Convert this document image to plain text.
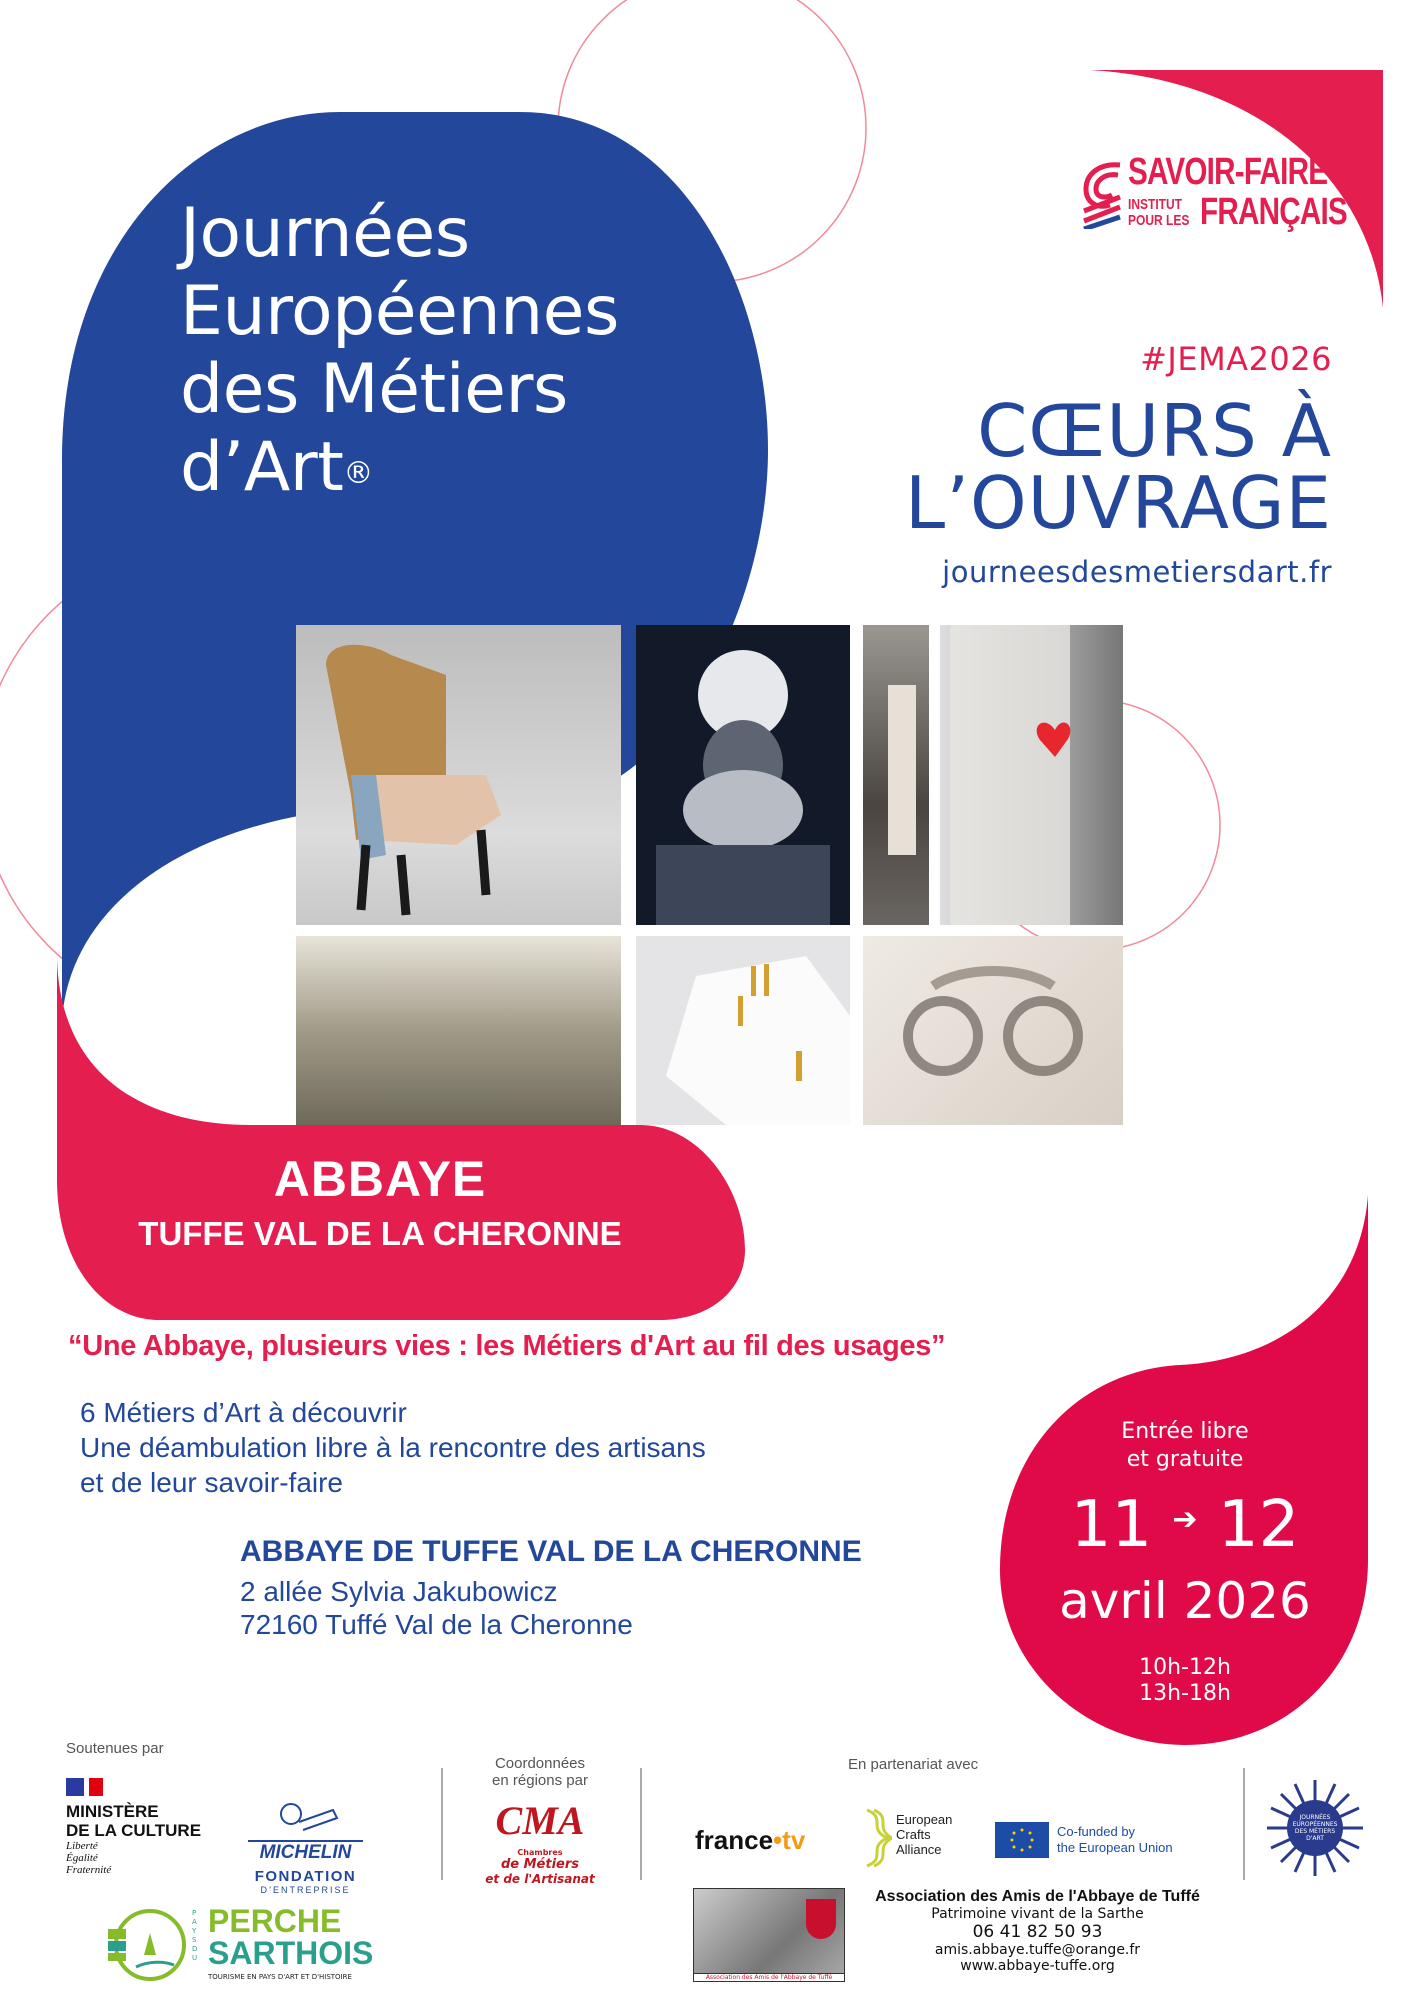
Journées
Européennes
des Métiers
d’Art®
SAVOIR-FAIRE
INSTITUT
POUR LES FRANÇAIS
#JEMA2026
CŒURS À
L’OUVRAGE
journeesdesmetiersdart.fr
ABBAYE
TUFFE VAL DE LA CHERONNE
“Une Abbaye, plusieurs vies : les Métiers d'Art au fil des usages”
6 Métiers d’Art à découvrir
Une déambulation libre à la rencontre des artisans
et de leur savoir-faire
ABBAYE DE TUFFE VAL DE LA CHERONNE
2 allée Sylvia Jakubowicz
72160 Tuffé Val de la Cheronne
Entrée libre
et gratuite
11 ➔ 12
avril 2026
10h-12h
13h-18h
Soutenues par
MINISTÈRE
DE LA CULTURE
Liberté
Égalité
Fraternité
MICHELIN
FONDATION
D’ENTREPRISE
PAYS DU
PERCHE
SARTHOIS
TOURISME EN PAYS D'ART ET D'HISTOIRE
Coordonnées
en régions par
CMA
Chambres
de Métiers
et de l'Artisanat
En partenariat avec
france•tv
European
Crafts
Alliance
Co-funded by
the European Union
JOURNÉES
EUROPÉENNES
DES MÉTIERS
D'ART
Association des Amis de l'Abbaye de Tuffé
Association des Amis de l'Abbaye de Tuffé
Patrimoine vivant de la Sarthe
06 41 82 50 93
amis.abbaye.tuffe@orange.fr
www.abbaye-tuffe.org
